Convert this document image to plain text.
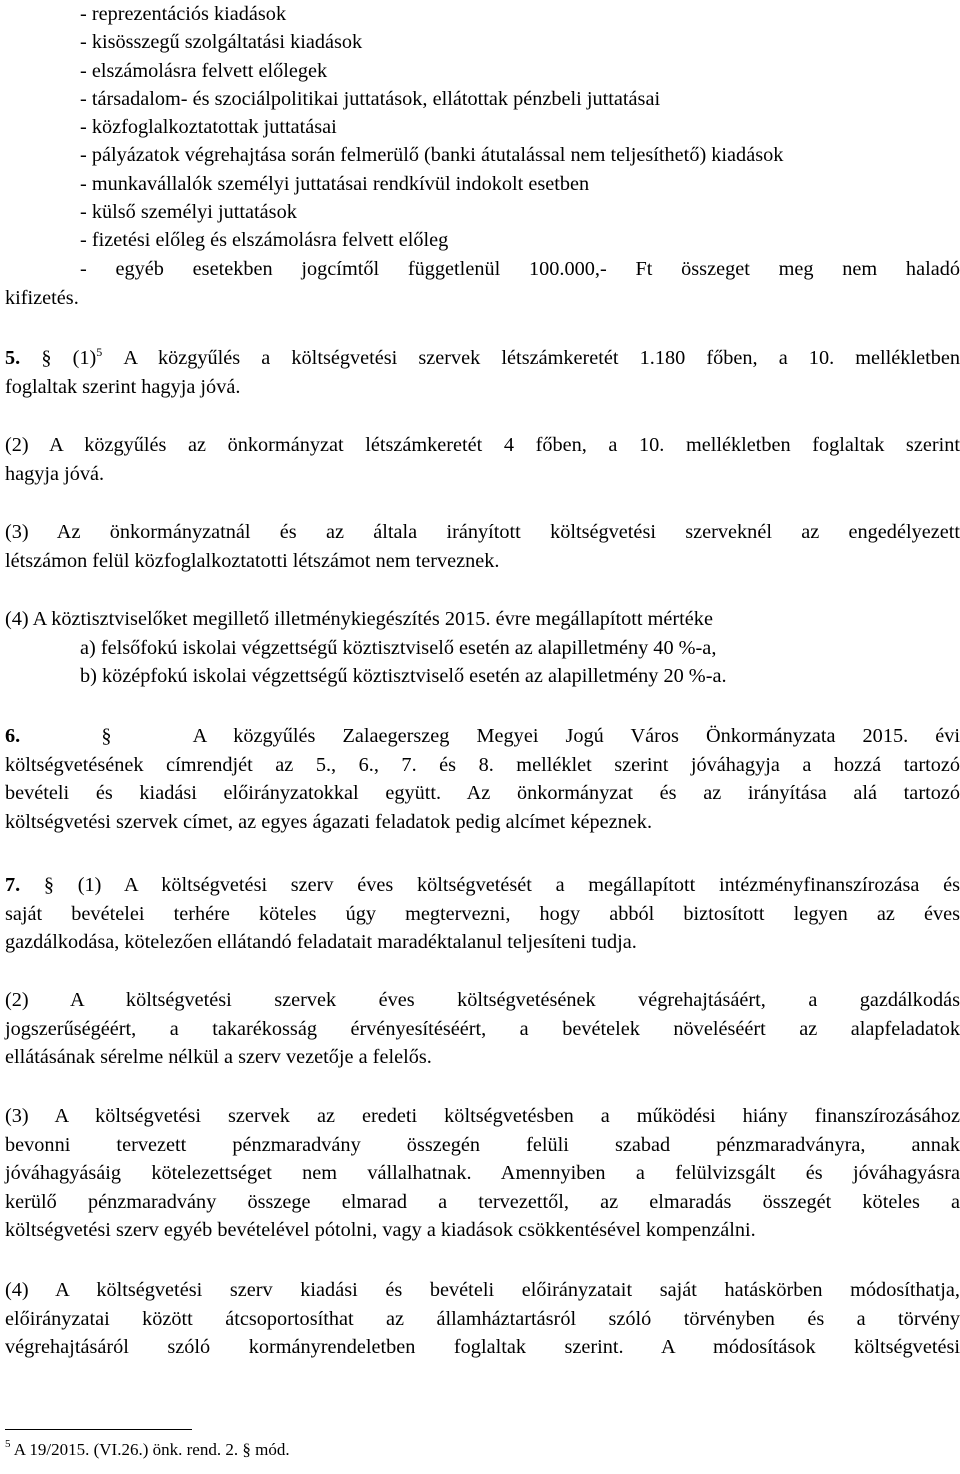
- reprezentációs kiadások
- kisösszegű szolgáltatási kiadások
- elszámolásra felvett előlegek
- társadalom- és szociálpolitikai juttatások, ellátottak pénzbeli juttatásai
- közfoglalkoztatottak juttatásai
- pályázatok végrehajtása során felmerülő (banki átutalással nem teljesíthető) kiadások
- munkavállalók személyi juttatásai rendkívül indokolt esetben
- külső személyi juttatások
- fizetési előleg és elszámolásra felvett előleg
- egyéb esetekben jogcímtől függetlenül 100.000,- Ft összeget meg nem haladó
kifizetés.
5. § $(1)^5$ A közgyűlés a költségvetési szervek létszámkeretét 1.180 főben, a 10. mellékletben
foglaltak szerint hagyja jóvá.
(2) A közgyűlés az önkormányzat létszámkeretét 4 főben, a 10. mellékletben foglaltak szerint
hagyja jóvá.
(3) Az önkormányzatnál és az általa irányított költségvetési szerveknél az engedélyezett
létszámon felül közfoglalkoztatotti létszámot nem terveznek.
(4) A köztisztviselőket megillető illetménykiegészítés 2015. évre megállapított mértéke
a) felsőfokú iskolai végzettségű köztisztviselő esetén az alapilletmény 40 %-a,
b) középfokú iskolai végzettségű köztisztviselő esetén az alapilletmény 20 %-a.
6.	§	A közgyűlés Zalaegerszeg Megyei Jogú Város Önkormányzata 2015. évi
költségvetésének címrendjét az 5., 6., 7. és 8. melléklet szerint jóváhagyja a hozzá tartozó
bevételi és kiadási előirányzatokkal együtt. Az önkormányzat és az irányítása alá tartozó
költségvetési szervek címet, az egyes ágazati feladatok pedig alcímet képeznek.
7. § (1) A költségvetési szerv éves költségvetését a megállapított intézményfinanszírozása és
saját bevételei terhére köteles úgy megtervezni, hogy abból biztosított legyen az éves
gazdálkodása, kötelezően ellátandó feladatait maradéktalanul teljesíteni tudja.
(2) A költségvetési szervek éves költségvetésének végrehajtásáért, a gazdálkodás
jogszerűségéért, a takarékosság érvényesítéséért, a bevételek növeléséért az alapfeladatok
ellátásának sérelme nélkül a szerv vezetője a felelős.
(3) A költségvetési szervek az eredeti költségvetésben a működési hiány finanszírozásához
bevonni tervezett pénzmaradvány összegén felüli szabad pénzmaradványra, annak
jóváhagyásáig kötelezettséget nem vállalhatnak. Amennyiben a felülvizsgált és jóváhagyásra
kerülő pénzmaradvány összege elmarad a tervezettől, az elmaradás összegét köteles a
költségvetési szerv egyéb bevételével pótolni, vagy a kiadások csökkentésével kompenzálni.
(4) A költségvetési szerv kiadási és bevételi előirányzatait saját hatáskörben módosíthatja,
előirányzatai között átcsoportosíthat az államháztartásról szóló törvényben és a törvény
végrehajtásáról szóló kormányrendeletben foglaltak szerint. A módosítások költségvetési
$^5$ A 19/2015. (VI.26.) önk. rend. 2. § mód.
